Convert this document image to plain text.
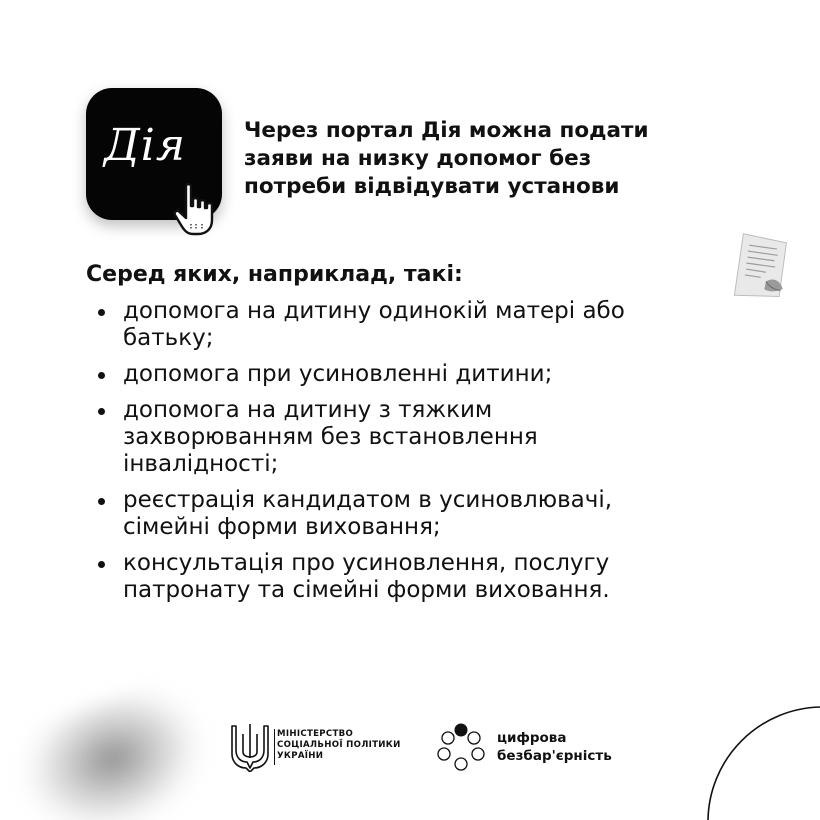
Дія	Через портал Дія можна подати
заяви на низку допомог без
потреби відвідувати установи
Серед яких, наприклад, такі:
допомога на дитину одинокій матері або
батьку;
допомога при усиновленні дитини;
допомога на дитину з тяжким
захворюванням без встановлення
інвалідності;
реєстрація кандидатом в усиновлювачі,
сімейні форми виховання;
консультація про усиновлення, послугу
патронату та сімейні форми виховання.
МІНІСТЕРСТВО
СОЦІАЛЬНОЇ ПОЛІТИКИ
УКРАЇНИ
цифрова
безбар'єрність
